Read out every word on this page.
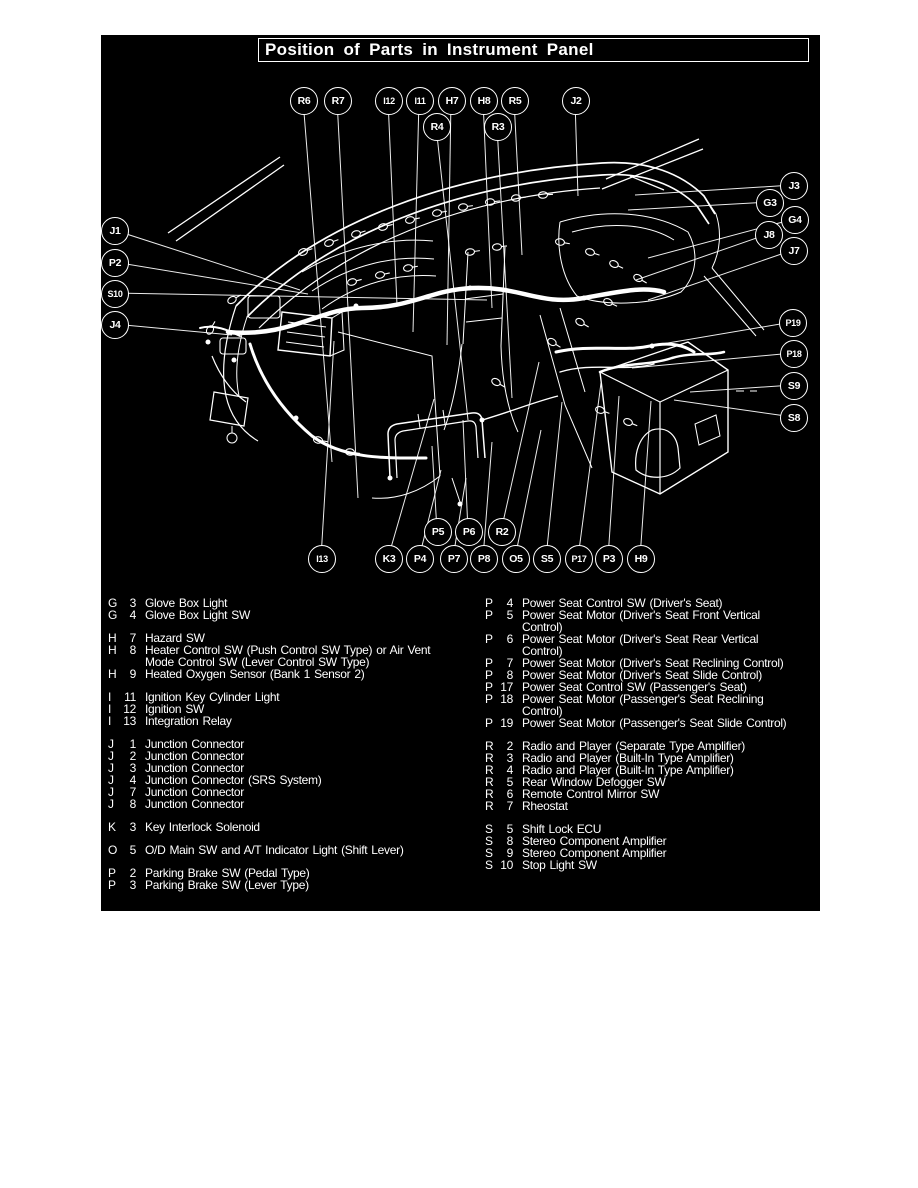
Position of Parts in Instrument Panel
G	3 Glove Box Light
G	4 Glove Box Light SW
H	7 Hazard SW
H	8 Heater Control SW (Push Control SW Type) or Air Vent Mode Control SW (Lever Control SW Type)
H	9 Heated Oxygen Sensor (Bank 1 Sensor 2)
I	11 Ignition Key Cylinder Light
I	12 Ignition SW
I	13 Integration Relay
J	1 Junction Connector
J	2 Junction Connector
J	3 Junction Connector
J	4 Junction Connector (SRS System)
J	7 Junction Connector
J	8 Junction Connector
K	3 Key Interlock Solenoid
O	5 O/D Main SW and A/T Indicator Light (Shift Lever)
P	2 Parking Brake SW (Pedal Type)
P	3 Parking Brake SW (Lever Type)
P	4 Power Seat Control SW (Driver's Seat)
P	5 Power Seat Motor (Driver's Seat Front Vertical Control)
P	6 Power Seat Motor (Driver's Seat Rear Vertical Control)
P	7 Power Seat Motor (Driver's Seat Reclining Control)
P	8 Power Seat Motor (Driver's Seat Slide Control)
P 17 Power Seat Control SW (Passenger's Seat)
P 18 Power Seat Motor (Passenger's Seat Reclining Control)
P 19 Power Seat Motor (Passenger's Seat Slide Control)
R	2 Radio and Player (Separate Type Amplifier)
R	3 Radio and Player (Built-In Type Amplifier)
R	4 Radio and Player (Built-In Type Amplifier)
R	5 Rear Window Defogger SW
R	6 Remote Control Mirror SW
R	7 Rheostat
S	5 Shift Lock ECU
S	8 Stereo Component Amplifier
S	9 Stereo Component Amplifier
S 10 Stop Light SW
R6	R7	I12	I11	H7	H8	R5	J2
R4	R3
J1
P2
S10
J4
J3
G3
G4
J8
J7
P19
P18
S9
S8
P5	P6	R2
I13	K3	P4	P7	P8	O5	S5	P17	P3	H9
